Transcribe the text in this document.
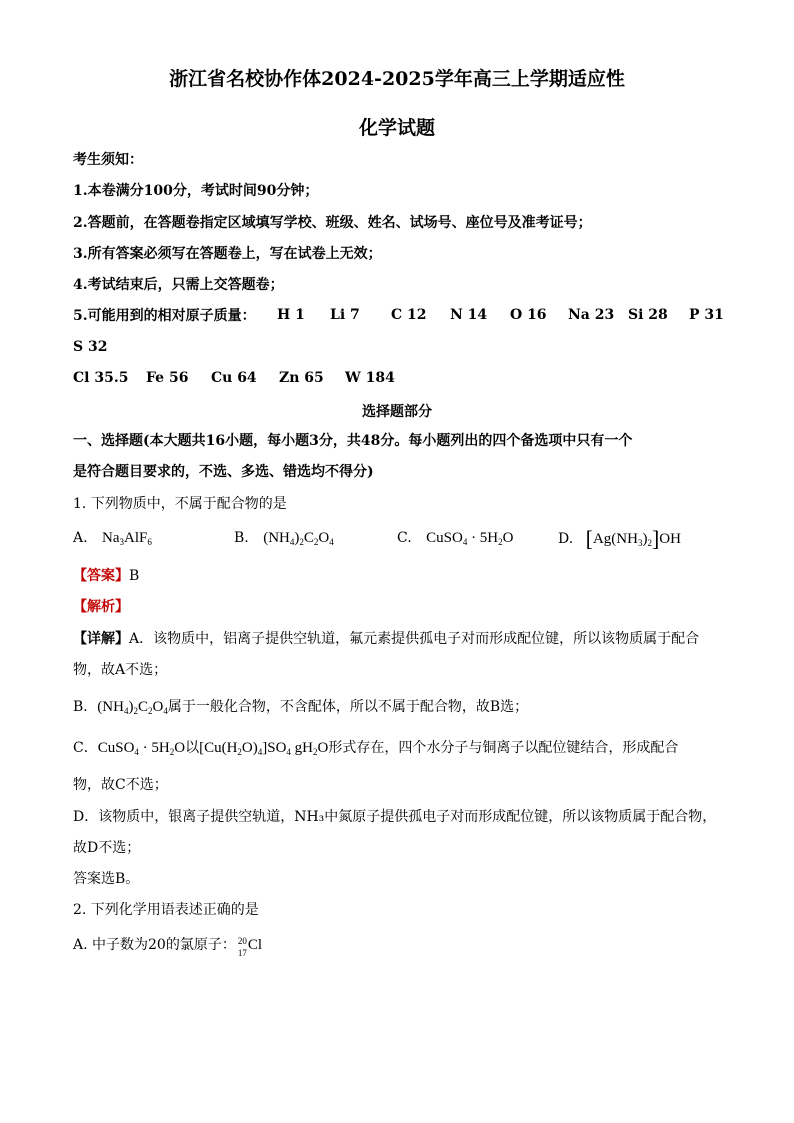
浙江省名校协作体2024-2025学年高三上学期适应性
化学试题
考生须知：
1.本卷满分100分，考试时间90分钟；
2.答题前，在答题卷指定区域填写学校、班级、姓名、试场号、座位号及准考证号；
3.所有答案必须写在答题卷上，写在试卷上无效；
4.考试结束后，只需上交答题卷；
5.可能用到的相对原子质量： H 1 Li 7 C 12 N 14 O 16 Na 23 Si 28 P 31
S 32
Cl 35.5 Fe 56 Cu 64 Zn 65 W 184
选择题部分
一、选择题(本大题共16小题，每小题3分，共48分。每小题列出的四个备选项中只有一个
是符合题目要求的，不选、多选、错选均不得分)
1. 下列物质中，不属于配合物的是
A. $Na_3AlF_6$	B. $(NH_4)_2C_2O_4$	C. CuSO$_4$ · $5H_2O$	D. $[Ag(NH_3)_2]OH$
【答案】B
【解析】
【详解】A．该物质中，铝离子提供空轨道，氟元素提供孤电子对而形成配位键，所以该物质属于配合
物，故A不选；
B．$(NH_4)_2C_2O_4$属于一般化合物，不含配体，所以不属于配合物，故B选；
C．CuSO$_4$ · $5H_2O$以$[Cu(H_2O)_4]SO_4$ $gH_2O$形式存在，四个水分子与铜离子以配位键结合，形成配合
物，故C不选；
D．该物质中，银离子提供空轨道，NH₃中氮原子提供孤电子对而形成配位键，所以该物质属于配合物，
故D不选；
答案选B。
2. 下列化学用语表述正确的是
A. 中子数为20的氯原子： 20
17 Cl
